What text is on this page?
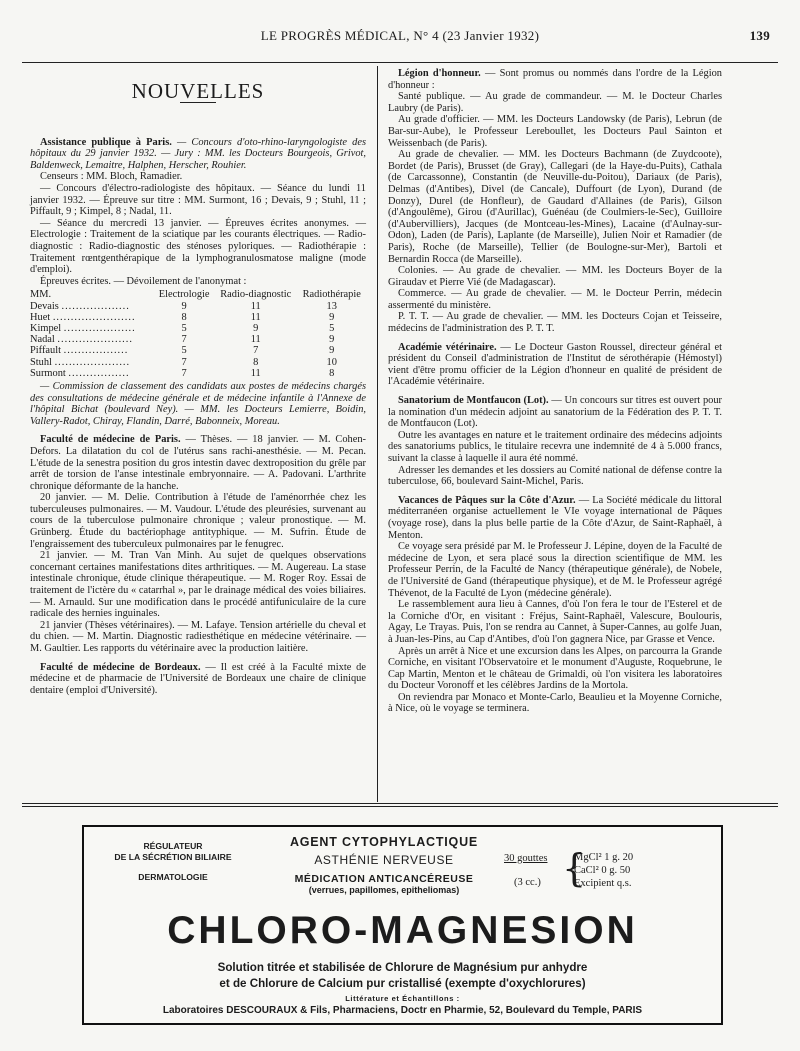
LE PROGRÈS MÉDICAL, N° 4 (23 Janvier 1932)	139
NOUVELLES

Assistance publique à Paris. — Concours d'oto-rhino-laryngologiste des hôpitaux du 29 janvier 1932. — Jury : MM. les Docteurs Bourgeois, Grivot, Baldenweck, Lemaitre, Halphen, Herscher, Rouhier.

Censeurs : MM. Bloch, Ramadier.

— Concours d'électro-radiologiste des hôpitaux. — Séance du lundi 11 janvier 1932. — Épreuve sur titre : MM. Surmont, 16 ; Devais, 9 ; Stuhl, 11 ; Piffault, 9 ; Kimpel, 8 ; Nadal, 11.

— Séance du mercredi 13 janvier. — Épreuves écrites anonymes. — Electrologie : Traitement de la sciatique par les courants électriques. — Radio-diagnostic : Radio-diagnostic des sténoses pyloriques. — Radiothérapie : Traitement rœntgenthérapique de la lymphogranulosmatose maligne (mode d'emploi).

Épreuves écrites. — Dévoilement de l'anonymat :

MM.	Electrologie	Radio-diagnostic	Radiothérapie
Devais ...................	9	11	13
Huet .......................	8	11	9
Kimpel ....................	5	9	5
Nadal .....................	7	11	9
Piffault ..................	5	7	9
Stuhl .....................	7	8	10
Surmont .................	7	11	8

— Commission de classement des candidats aux postes de médecins chargés des consultations de médecine générale et de médecine infantile à l'Annexe de l'hôpital Bichat (boulevard Ney). — MM. les Docteurs Lemierre, Boidin, Vallery-Radot, Chiray, Flandin, Darré, Babonneix, Moreau.

Faculté de médecine de Paris. — Thèses. — 18 janvier. — M. Cohen-Defors. La dilatation du col de l'utérus sans rachi-anesthésie. — M. Pecan. L'étude de la senestra position du gros intestin davec dextroposition du grêle par arrêt de torsion de l'anse intestinale embryonnaire. — A. Padovani. L'arthrite chronique déformante de la hanche.

20 janvier. — M. Delie. Contribution à l'étude de l'aménorrhée chez les tuberculeuses pulmonaires. — M. Vaudour. L'étude des pleurésies, survenant au cours de la tuberculose pulmonaire chronique ; valeur pronostique. — M. Grünberg. Étude du bactériophage antityphique. — M. Sufrin. Étude de l'engraissement des tuberculeux pulmonaires par le fenugrec.

21 janvier. — M. Tran Van Minh. Au sujet de quelques observations concernant certaines manifestations dites arthritiques. — M. Augereau. La stase intestinale chronique, étude clinique thérapeutique. — M. Roger Roy. Essai de traitement de l'ictère du « catarrhal », par le drainage médical des voies biliaires. — M. Arnauld. Sur une modification dans le procédé antifuniculaire de la cure radicale des hernies inguinales.

21 janvier (Thèses vétérinaires). — M. Lafaye. Tension artérielle du cheval et du chien. — M. Martin. Diagnostic radiesthétique en médecine vétérinaire. — M. Gaultier. Les rapports du vétérinaire avec la production laitière.

Faculté de médecine de Bordeaux. — Il est créé à la Faculté mixte de médecine et de pharmacie de l'Université de Bordeaux une chaire de clinique dentaire (emploi d'Université).

Légion d'honneur. — Sont promus ou nommés dans l'ordre de la Légion d'honneur :

Santé publique. — Au grade de commandeur. — M. le Docteur Charles Laubry (de Paris).

Au grade d'officier. — MM. les Docteurs Landowsky (de Paris), Lebrun (de Bar-sur-Aube), le Professeur Lereboullet, les Docteurs Paul Sainton et Weissenbach (de Paris).

Au grade de chevalier. — MM. les Docteurs Bachmann (de Zuydcoote), Bordet (de Paris), Brusset (de Gray), Callegari (de la Haye-du-Puits), Cathala (de Carcassonne), Constantin (de Neuville-du-Poitou), Dariaux (de Paris), Delmas (d'Antibes), Divel (de Cancale), Duffourt (de Lyon), Durand (de Donzy), Durel (de Honfleur), de Gaudard d'Allaines (de Paris), Gilson (d'Angoulême), Girou (d'Aurillac), Guénéau (de Coulmiers-le-Sec), Guilloire (d'Aubervilliers), Jacques (de Montceau-les-Mines), Lacaine (d'Aulnay-sur-Odon), Laden (de Paris), Laplante (de Marseille), Julien Noir et Ramadier (de Paris), Roche (de Marseille), Tellier (de Boulogne-sur-Mer), Bartoli et Bernardin Rocca (de Marseille).

Colonies. — Au grade de chevalier. — MM. les Docteurs Boyer de la Giraudav et Pierre Vié (de Madagascar).

Commerce. — Au grade de chevalier. — M. le Docteur Perrin, médecin assermenté du ministère.

P. T. T. — Au grade de chevalier. — MM. les Docteurs Cojan et Teisseire, médecins de l'administration des P. T. T.

Académie vétérinaire. — Le Docteur Gaston Roussel, directeur général et président du Conseil d'administration de l'Institut de sérothérapie (Hémostyl) vient d'être promu officier de la Légion d'honneur en qualité de président de l'Académie vétérinaire.

Sanatorium de Montfaucon (Lot). — Un concours sur titres est ouvert pour la nomination d'un médecin adjoint au sanatorium de la Fédération des P. T. T. de Montfaucon (Lot).

Outre les avantages en nature et le traitement ordinaire des médecins adjoints des sanatoriums publics, le titulaire recevra une indemnité de 4 à 5.000 francs, suivant la classe à laquelle il aura été nommé.

Adresser les demandes et les dossiers au Comité national de défense contre la tuberculose, 66, boulevard Saint-Michel, Paris.

Vacances de Pâques sur la Côte d'Azur. — La Société médicale du littoral méditerranéen organise actuellement le VIe voyage international de Pâques (voyage rose), dans la plus belle partie de la Côte d'Azur, de Saint-Raphaël, à Menton.

Ce voyage sera présidé par M. le Professeur J. Lépine, doyen de la Faculté de médecine de Lyon, et sera placé sous la direction scientifique de MM. les Professeur Perrin, de la Faculté de Nancy (thérapeutique générale), de Nobele, de l'Université de Gand (thérapeutique physique), et de M. le Professeur agrégé Thévenot, de la Faculté de Lyon (médecine générale).

Le rassemblement aura lieu à Cannes, d'où l'on fera le tour de l'Esterel et de la Corniche d'Or, en visitant : Fréjus, Saint-Raphaël, Valescure, Boulouris, Agay, Le Trayas. Puis, l'on se rendra au Cannet, à Super-Cannes, au golfe Juan, à Juan-les-Pins, au Cap d'Antibes, d'où l'on gagnera Nice, par Grasse et Vence.

Après un arrêt à Nice et une excursion dans les Alpes, on parcourra la Grande Corniche, en visitant l'Observatoire et le monument d'Auguste, Roquebrune, le Cap Martin, Menton et le château de Grimaldi, où l'on visitera les laboratoires du Docteur Voronoff et les célèbres Jardins de la Mortola.

On reviendra par Monaco et Monte-Carlo, Beaulieu et la Moyenne Corniche, à Nice, où le voyage se terminera.

RÉGULATEUR
DE LA SÉCRÉTION BILIAIRE
DERMATOLOGIE
AGENT CYTOPHYLACTIQUE
ASTHÉNIE NERVEUSE
MÉDICATION ANTICANCÉREUSE
(verrues, papillomes, epitheliomas)
30 gouttes
(3 cc.) {
MgCl² 1 g. 20
CaCl² 0 g. 50
Excipient q.s.
CHLORO-MAGNESION
Solution titrée et stabilisée de Chlorure de Magnésium pur anhydre
et de Chlorure de Calcium pur cristallisé (exempte d'oxychlorures)
Littérature et Échantillons :
Laboratoires DESCOURAUX & Fils, Pharmaciens, Doctr en Pharmie, 52, Boulevard du Temple, PARIS
